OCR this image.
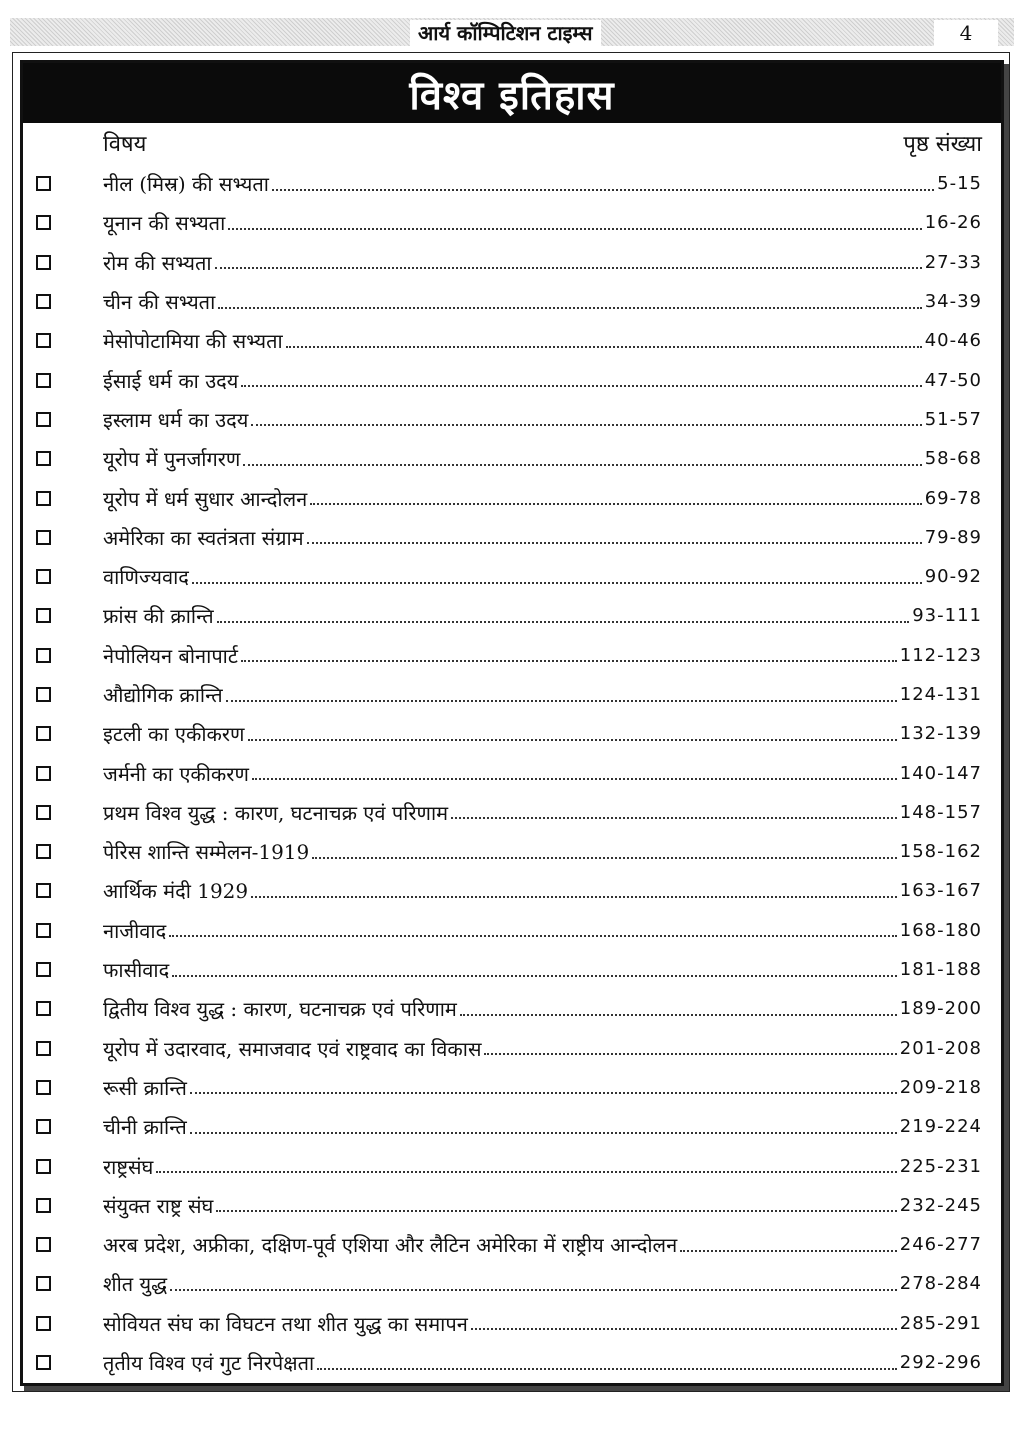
आर्य कॉम्पिटिशन टाइम्स	4
विश्व इतिहास
विषय	पृष्ठ संख्या
नील (मिस्र) की सभ्यता	5-15
यूनान की सभ्यता	16-26
रोम की सभ्यता	27-33
चीन की सभ्यता	34-39
मेसोपोटामिया की सभ्यता	40-46
ईसाई धर्म का उदय	47-50
इस्लाम धर्म का उदय	51-57
यूरोप में पुनर्जागरण	58-68
यूरोप में धर्म सुधार आन्दोलन	69-78
अमेरिका का स्वतंत्रता संग्राम	79-89
वाणिज्यवाद	90-92
फ्रांस की क्रान्ति	93-111
नेपोलियन बोनापार्ट	112-123
औद्योगिक क्रान्ति	124-131
इटली का एकीकरण	132-139
जर्मनी का एकीकरण	140-147
प्रथम विश्व युद्ध : कारण, घटनाचक्र एवं परिणाम	148-157
पेरिस शान्ति सम्मेलन-1919	158-162
आर्थिक मंदी 1929	163-167
नाजीवाद	168-180
फासीवाद	181-188
द्वितीय विश्व युद्ध : कारण, घटनाचक्र एवं परिणाम	189-200
यूरोप में उदारवाद, समाजवाद एवं राष्ट्रवाद का विकास	201-208
रूसी क्रान्ति	209-218
चीनी क्रान्ति	219-224
राष्ट्रसंघ	225-231
संयुक्त राष्ट्र संघ	232-245
अरब प्रदेश, अफ्रीका, दक्षिण-पूर्व एशिया और लैटिन अमेरिका में राष्ट्रीय आन्दोलन	246-277
शीत युद्ध	278-284
सोवियत संघ का विघटन तथा शीत युद्ध का समापन	285-291
तृतीय विश्व एवं गुट निरपेक्षता	292-296
